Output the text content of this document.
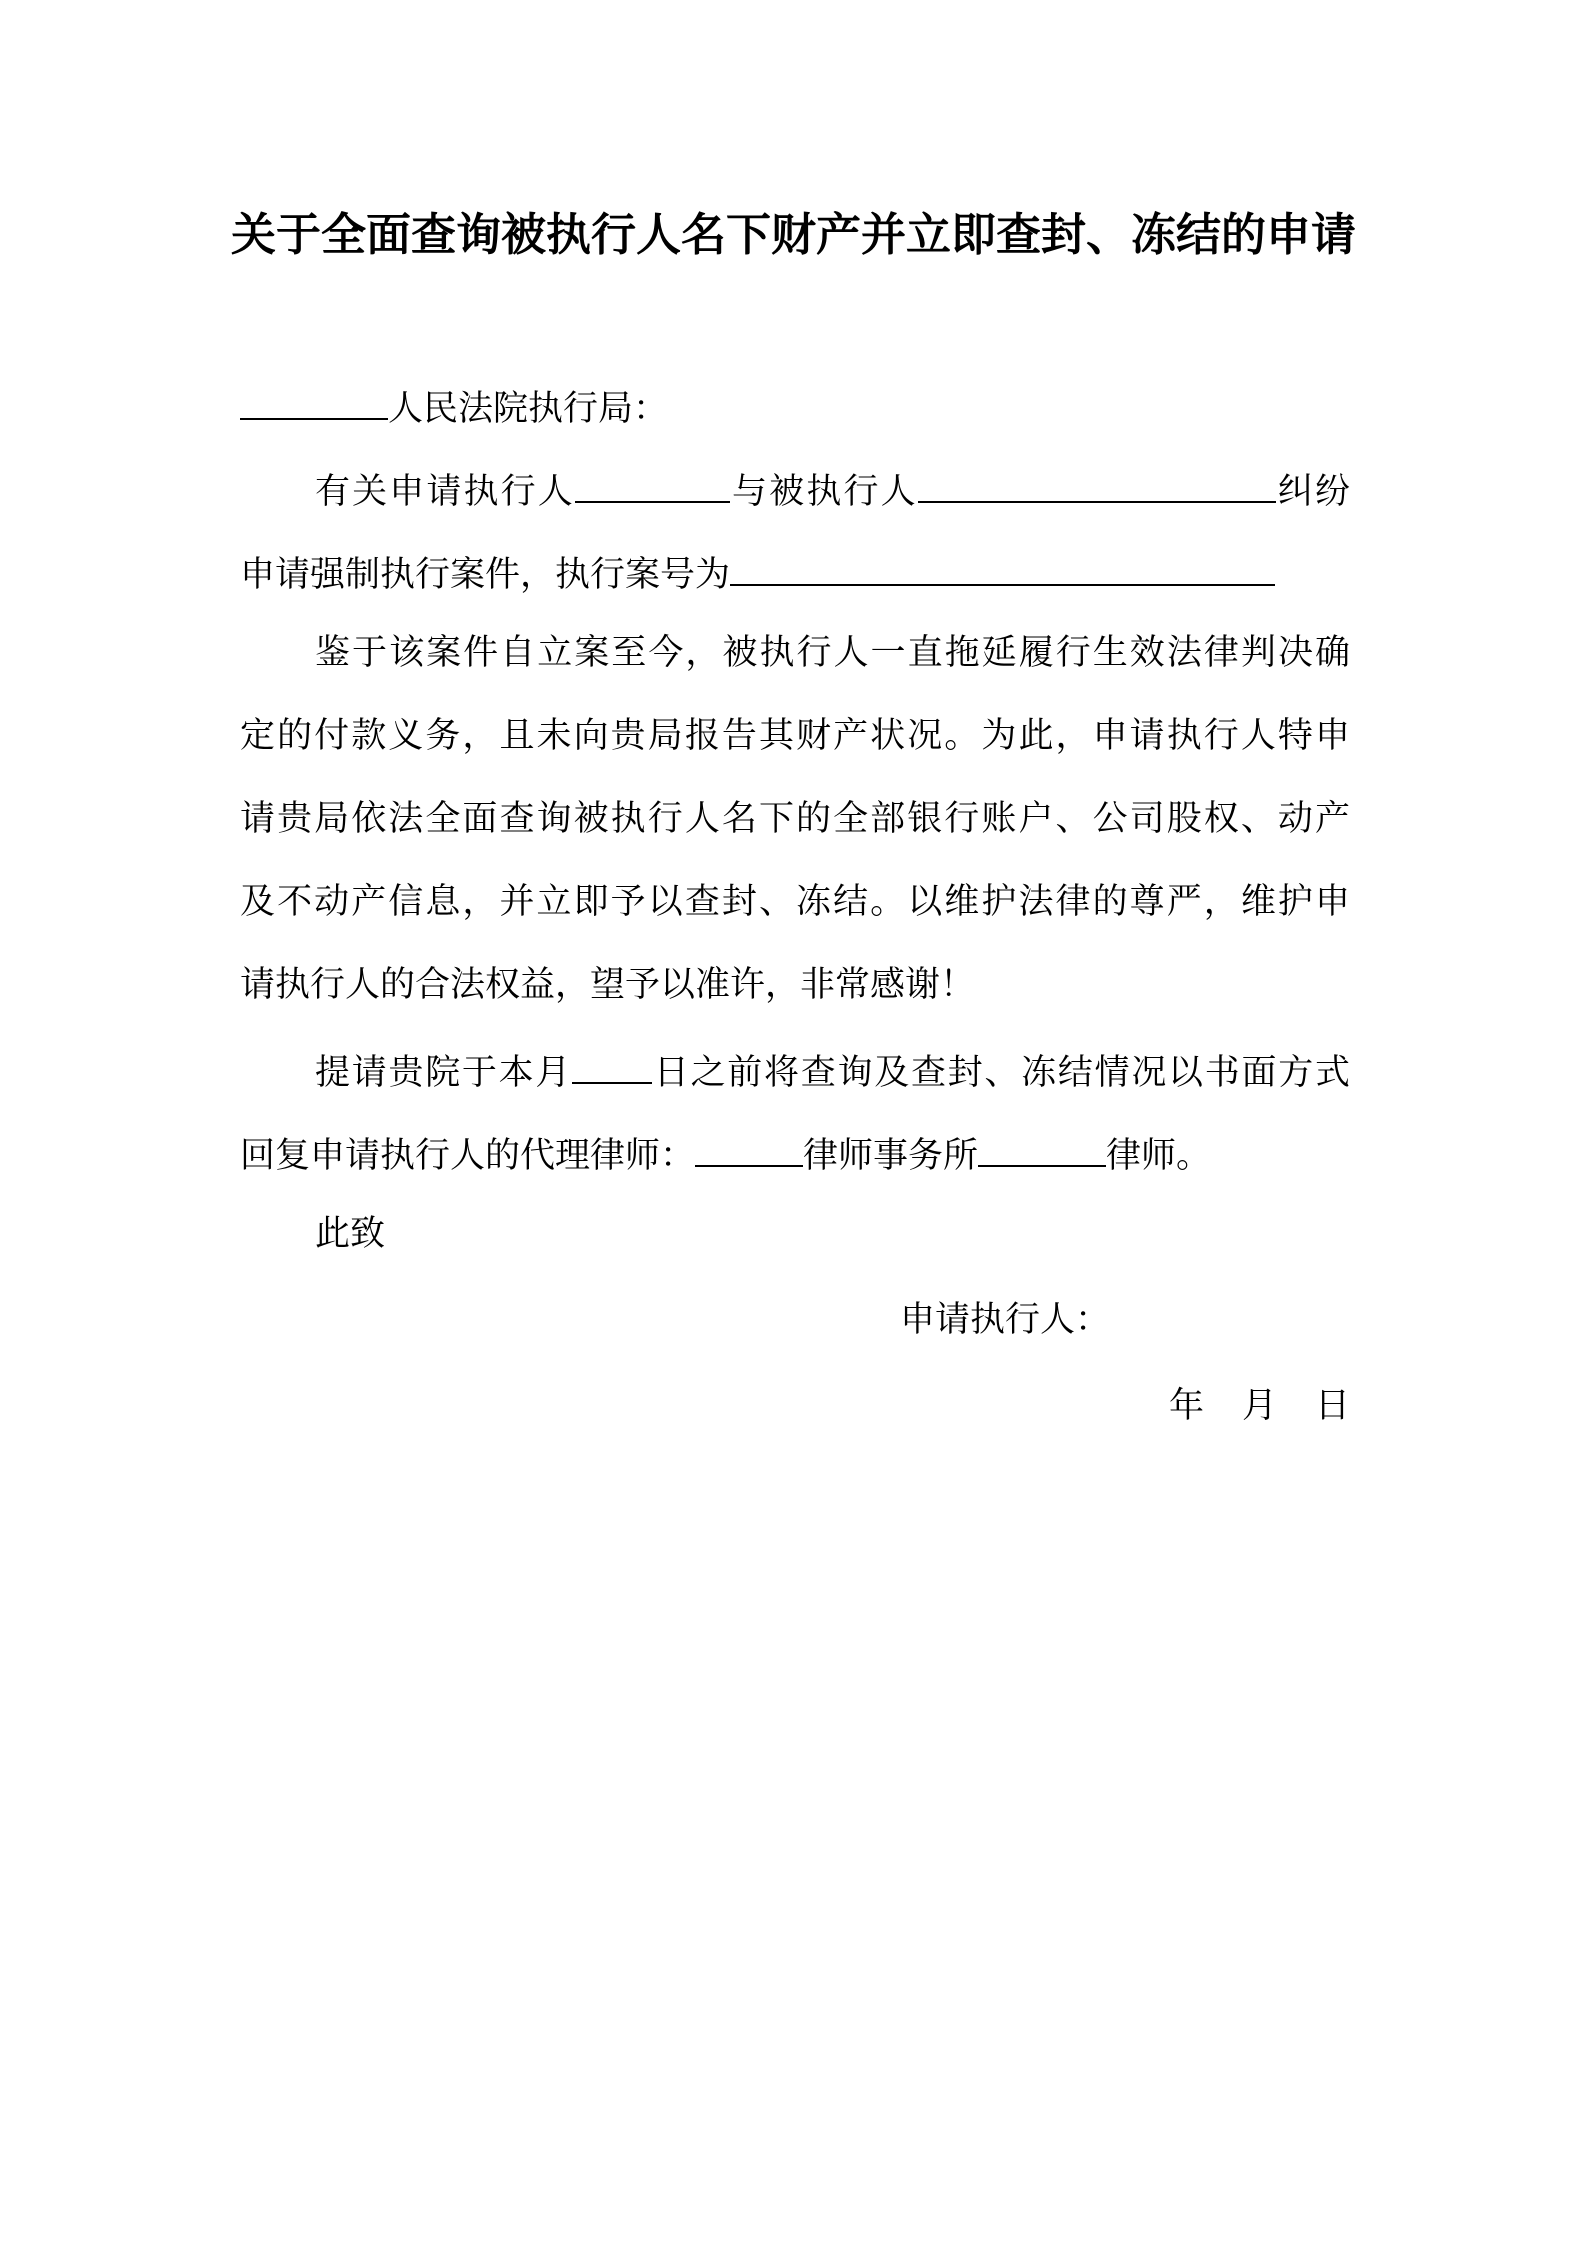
关于全面查询被执行人名下财产并立即查封、冻结的申请
人民法院执行局：
有关申请执行人	与被执行人	纠纷
申请强制执行案件，执行案号为
鉴于该案件自立案至今，被执行人一直拖延履行生效法律判决确
定的付款义务，且未向贵局报告其财产状况。为此，申请执行人特申
请贵局依法全面查询被执行人名下的全部银行账户、公司股权、动产
及不动产信息，并立即予以查封、冻结。以维护法律的尊严，维护申
请执行人的合法权益，望予以准许，非常感谢！
提请贵院于本月 日之前将查询及查封、冻结情况以书面方式
回复申请执行人的代理律师：	律师事务所	律师。
此致
申请执行人：
年 月 日
